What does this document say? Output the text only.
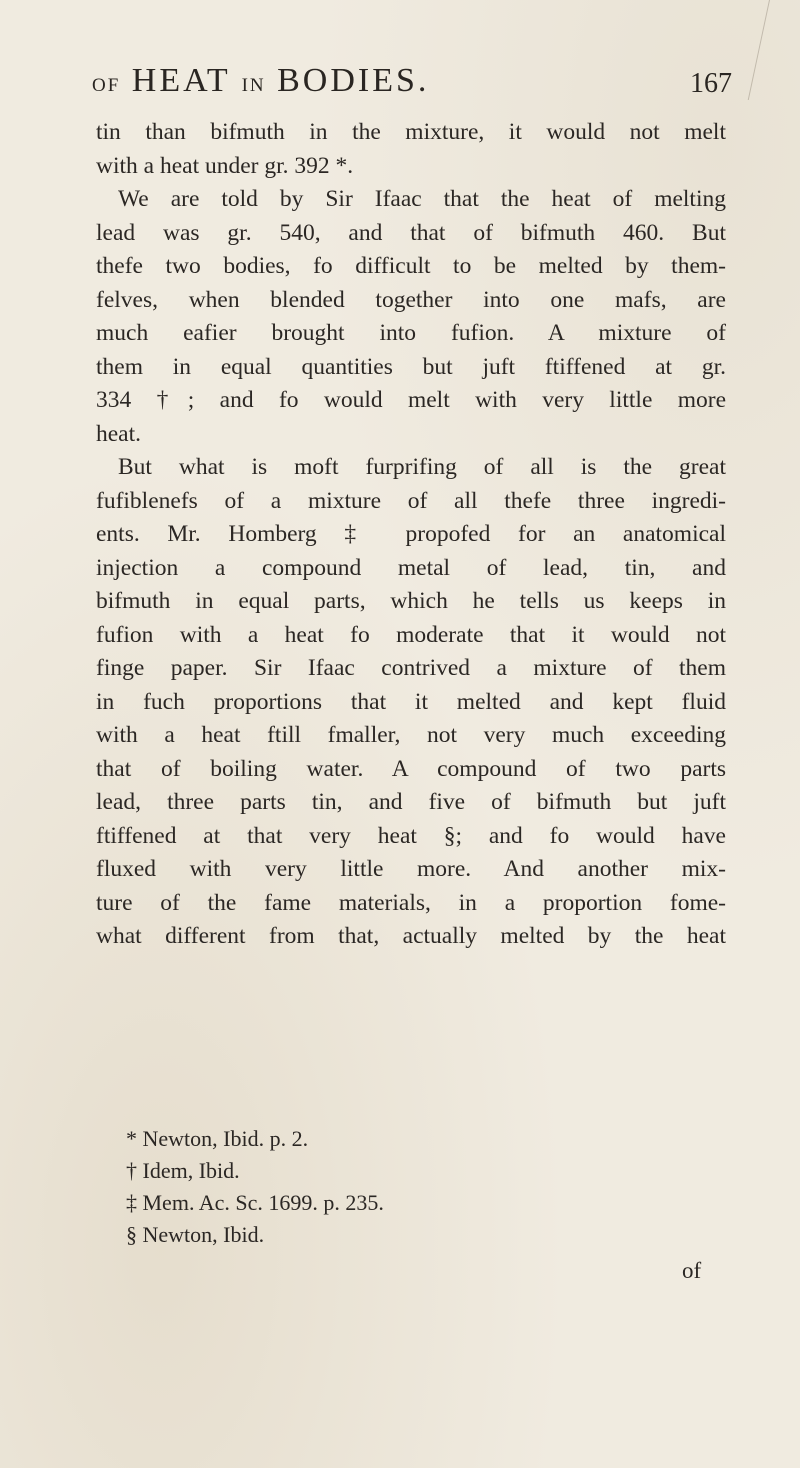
OF HEAT IN BODIES.	167
tin than bifmuth in the mixture, it would not melt
with a heat under gr. 392 *.
We are told by Sir Ifaac that the heat of melting
lead was gr. 540, and that of bifmuth 460. But
thefe two bodies, fo difficult to be melted by them-
felves, when blended together into one mafs, are
much eafier brought into fufion. A mixture of
them in equal quantities but juft ftiffened at gr.
334 †; and fo would melt with very little more
heat.
But what is moft furprifing of all is the great
fufiblenefs of a mixture of all thefe three ingredi-
ents. Mr. Homberg ‡ propofed for an anatomical
injection a compound metal of lead, tin, and
bifmuth in equal parts, which he tells us keeps in
fufion with a heat fo moderate that it would not
finge paper. Sir Ifaac contrived a mixture of them
in fuch proportions that it melted and kept fluid
with a heat ftill fmaller, not very much exceeding
that of boiling water. A compound of two parts
lead, three parts tin, and five of bifmuth but juft
ftiffened at that very heat §; and fo would have
fluxed with very little more. And another mix-
ture of the fame materials, in a proportion fome-
what different from that, actually melted by the heat
* Newton, Ibid. p. 2.
† Idem, Ibid.
‡ Mem. Ac. Sc. 1699. p. 235.
§ Newton, Ibid.
of
